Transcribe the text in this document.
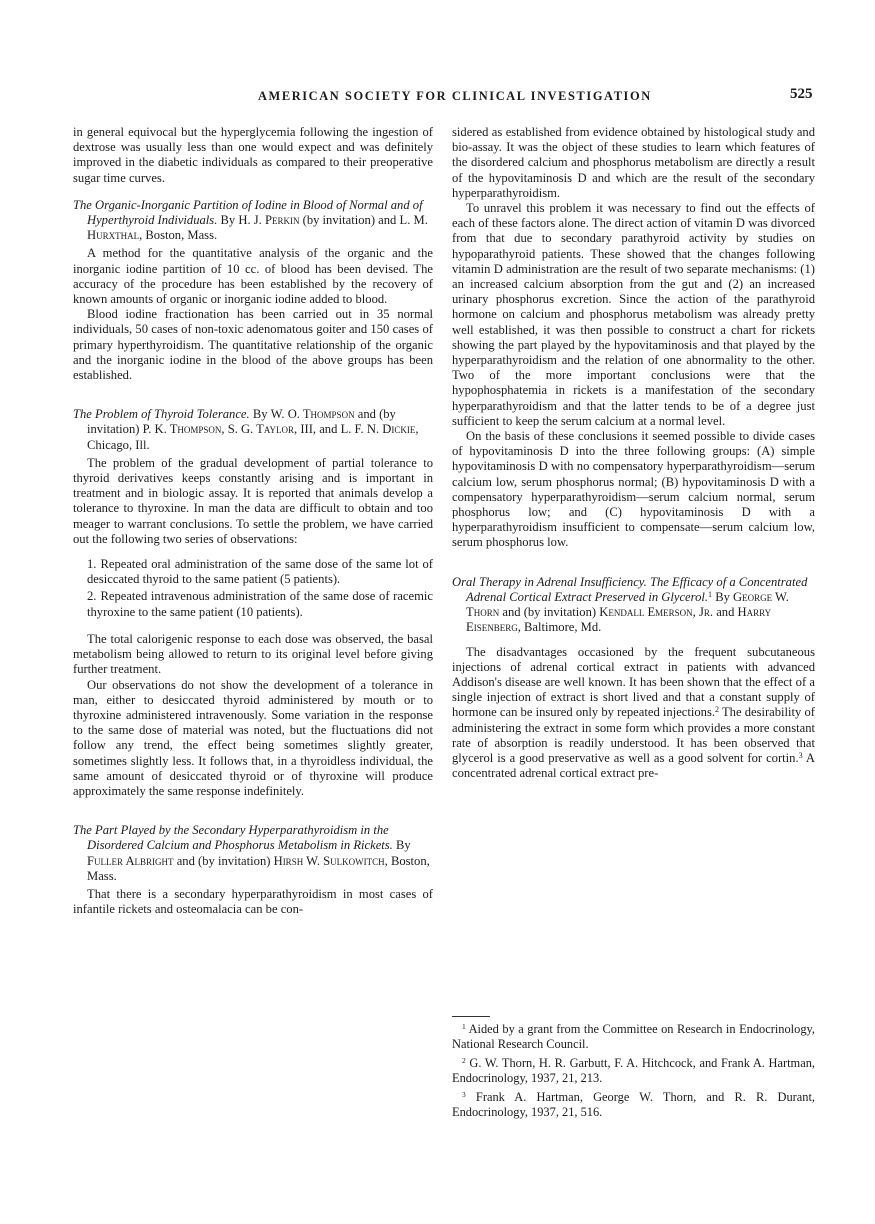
AMERICAN SOCIETY FOR CLINICAL INVESTIGATION	525

in general equivocal but the hyperglycemia following the ingestion of dextrose was usually less than one would expect and was definitely improved in the diabetic individuals as compared to their preoperative sugar time curves.

The Organic-Inorganic Partition of Iodine in Blood of Normal and of Hyperthyroid Individuals. By H. J. Perkin (by invitation) and L. M. Hurxthal, Boston, Mass.

A method for the quantitative analysis of the organic and the inorganic iodine partition of 10 cc. of blood has been devised. The accuracy of the procedure has been established by the recovery of known amounts of organic or inorganic iodine added to blood.

Blood iodine fractionation has been carried out in 35 normal individuals, 50 cases of non-toxic adenomatous goiter and 150 cases of primary hyperthyroidism. The quantitative relationship of the organic and the inorganic iodine in the blood of the above groups has been established.

The Problem of Thyroid Tolerance. By W. O. Thompson and (by invitation) P. K. Thompson, S. G. Taylor, III, and L. F. N. Dickie, Chicago, Ill.

The problem of the gradual development of partial tolerance to thyroid derivatives keeps constantly arising and is important in treatment and in biologic assay. It is reported that animals develop a tolerance to thyroxine. In man the data are difficult to obtain and too meager to warrant conclusions. To settle the problem, we have carried out the following two series of observations:

1. Repeated oral administration of the same dose of the same lot of desiccated thyroid to the same patient (5 patients).

2. Repeated intravenous administration of the same dose of racemic thyroxine to the same patient (10 patients).

The total calorigenic response to each dose was observed, the basal metabolism being allowed to return to its original level before giving further treatment.

Our observations do not show the development of a tolerance in man, either to desiccated thyroid administered by mouth or to thyroxine administered intravenously. Some variation in the response to the same dose of material was noted, but the fluctuations did not follow any trend, the effect being sometimes slightly greater, sometimes slightly less. It follows that, in a thyroidless individual, the same amount of desiccated thyroid or of thyroxine will produce approximately the same response indefinitely.

The Part Played by the Secondary Hyperparathyroidism in the Disordered Calcium and Phosphorus Metabolism in Rickets. By Fuller Albright and (by invitation) Hirsh W. Sulkowitch, Boston, Mass.

That there is a secondary hyperparathyroidism in most cases of infantile rickets and osteomalacia can be con-

sidered as established from evidence obtained by histological study and bio-assay. It was the object of these studies to learn which features of the disordered calcium and phosphorus metabolism are directly a result of the hypovitaminosis D and which are the result of the secondary hyperparathyroidism.

To unravel this problem it was necessary to find out the effects of each of these factors alone. The direct action of vitamin D was divorced from that due to secondary parathyroid activity by studies on hypoparathyroid patients. These showed that the changes following vitamin D administration are the result of two separate mechanisms: (1) an increased calcium absorption from the gut and (2) an increased urinary phosphorus excretion. Since the action of the parathyroid hormone on calcium and phosphorus metabolism was already pretty well established, it was then possible to construct a chart for rickets showing the part played by the hypovitaminosis and that played by the hyperparathyroidism and the relation of one abnormality to the other. Two of the more important conclusions were that the hypophosphatemia in rickets is a manifestation of the secondary hyperparathyroidism and that the latter tends to be of a degree just sufficient to keep the serum calcium at a normal level.

On the basis of these conclusions it seemed possible to divide cases of hypovitaminosis D into the three following groups: (A) simple hypovitaminosis D with no compensatory hyperparathyroidism—serum calcium low, serum phosphorus normal; (B) hypovitaminosis D with a compensatory hyperparathyroidism—serum calcium normal, serum phosphorus low; and (C) hypovitaminosis D with a hyperparathyroidism insufficient to compensate—serum calcium low, serum phosphorus low.

Oral Therapy in Adrenal Insufficiency. The Efficacy of a Concentrated Adrenal Cortical Extract Preserved in Glycerol.$^1$ By George W. Thorn and (by invitation) Kendall Emerson, Jr. and Harry Eisenberg, Baltimore, Md.

The disadvantages occasioned by the frequent subcutaneous injections of adrenal cortical extract in patients with advanced Addison's disease are well known. It has been shown that the effect of a single injection of extract is short lived and that a constant supply of hormone can be insured only by repeated injections.$^2$ The desirability of administering the extract in some form which provides a more constant rate of absorption is readily understood. It has been observed that glycerol is a good preservative as well as a good solvent for cortin.$^3$ A concentrated adrenal cortical extract pre-

$^1$ Aided by a grant from the Committee on Research in Endocrinology, National Research Council.
$^2$ G. W. Thorn, H. R. Garbutt, F. A. Hitchcock, and Frank A. Hartman, Endocrinology, 1937, 21, 213.
$^3$ Frank A. Hartman, George W. Thorn, and R. R. Durant, Endocrinology, 1937, 21, 516.
